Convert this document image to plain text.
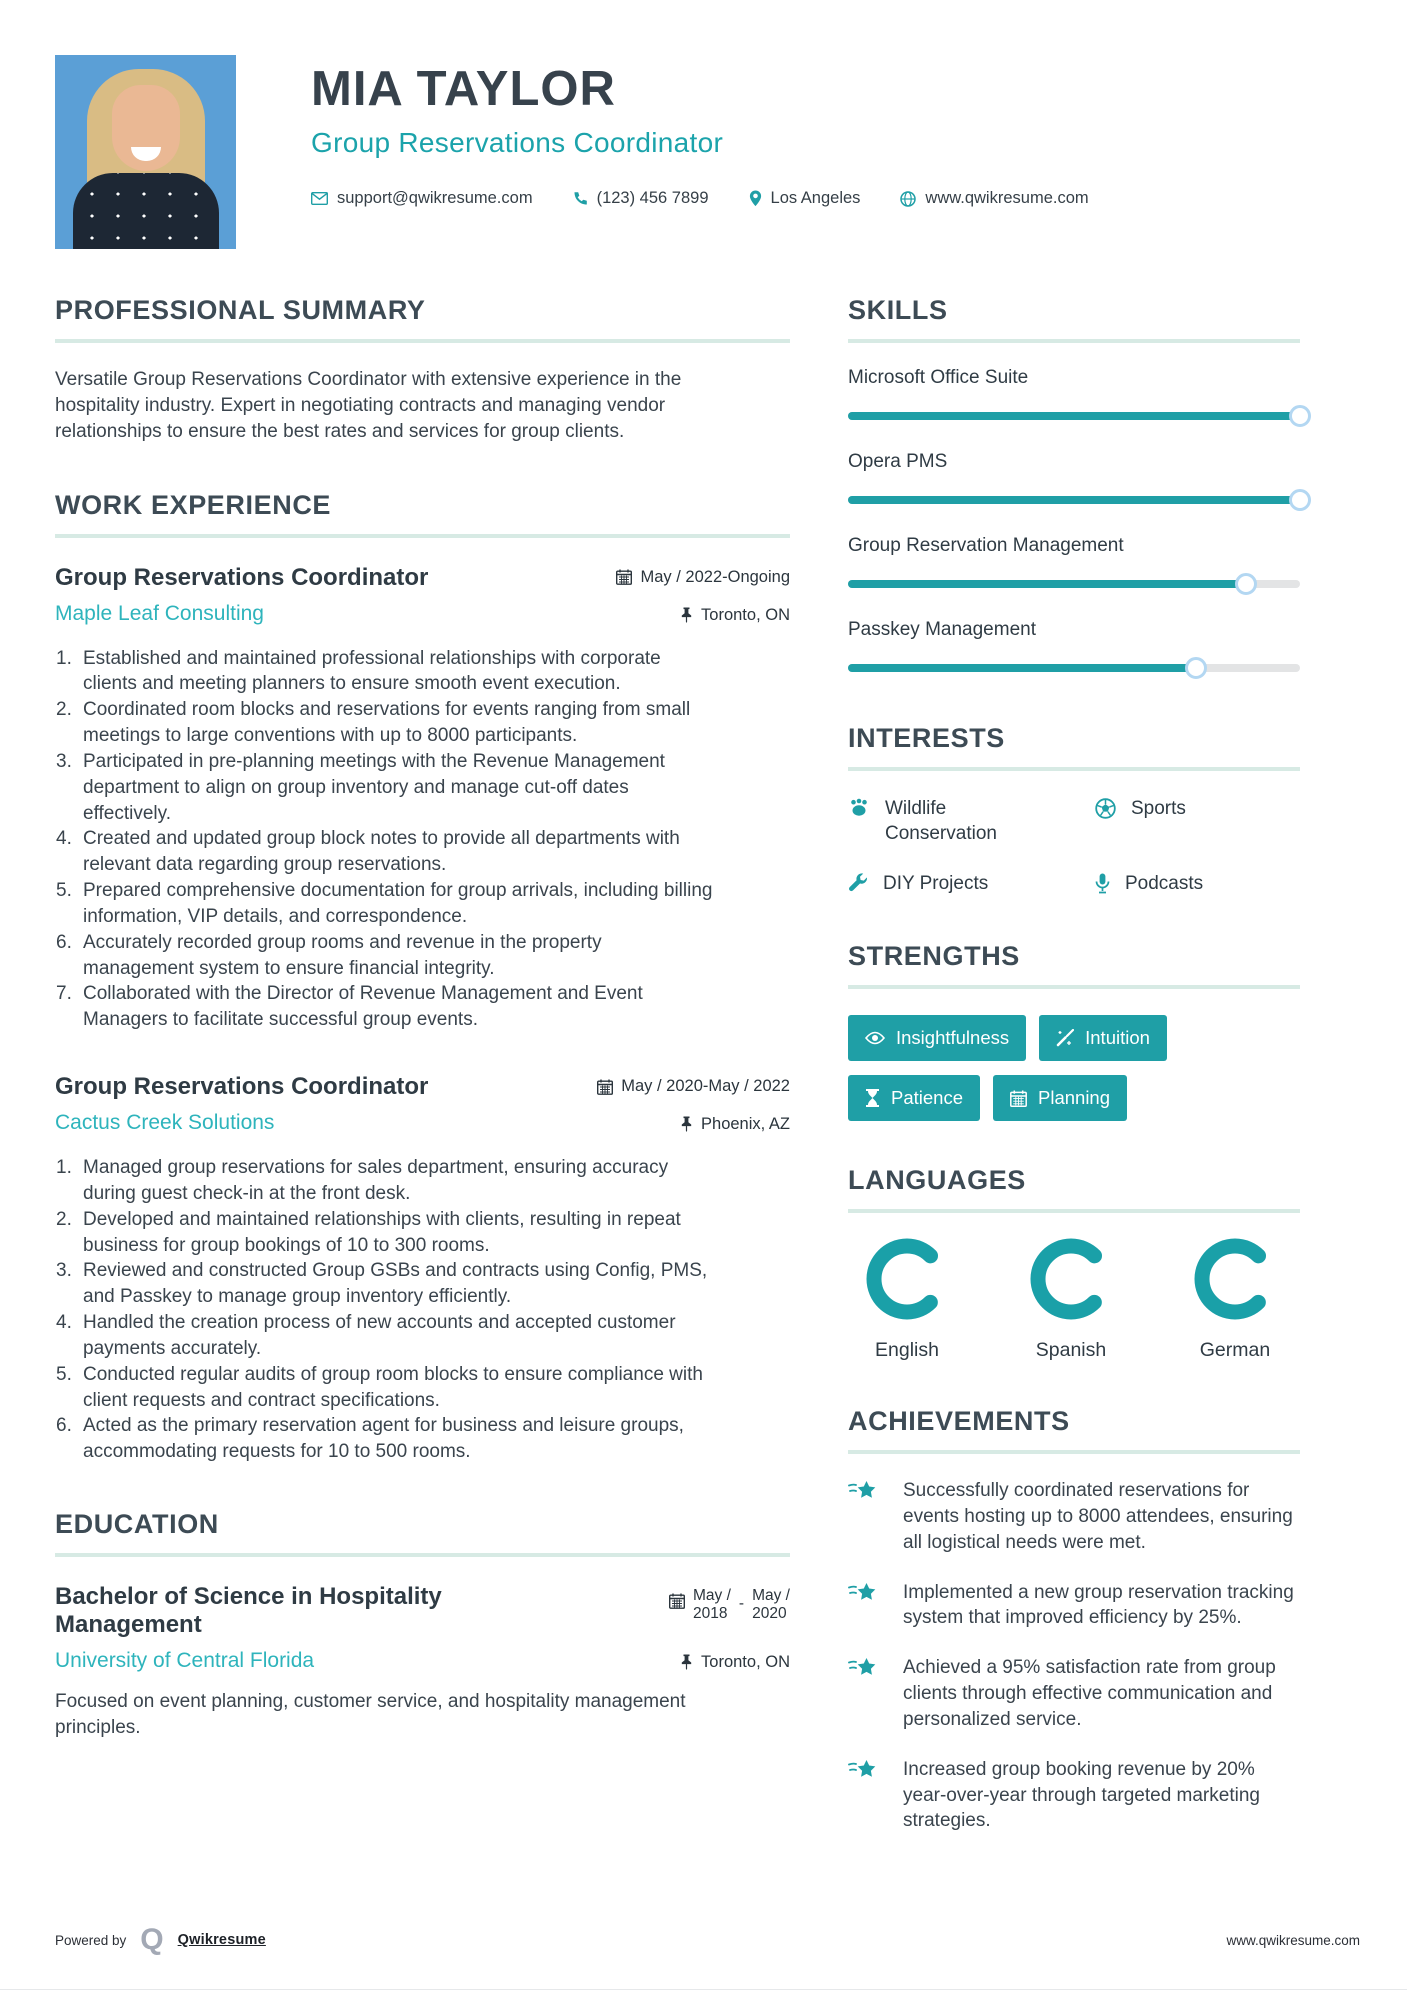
MIA TAYLOR
Group Reservations Coordinator
support@qwikresume.com	(123) 456 7899	Los Angeles	www.qwikresume.com
PROFESSIONAL SUMMARY
Versatile Group Reservations Coordinator with extensive experience in the hospitality industry. Expert in negotiating contracts and managing vendor relationships to ensure the best rates and services for group clients.
WORK EXPERIENCE
Group Reservations Coordinator	May / 2022-Ongoing
Maple Leaf Consulting	Toronto, ON
Established and maintained professional relationships with corporate clients and meeting planners to ensure smooth event execution.
Coordinated room blocks and reservations for events ranging from small meetings to large conventions with up to 8000 participants.
Participated in pre-planning meetings with the Revenue Management department to align on group inventory and manage cut-off dates effectively.
Created and updated group block notes to provide all departments with relevant data regarding group reservations.
Prepared comprehensive documentation for group arrivals, including billing information, VIP details, and correspondence.
Accurately recorded group rooms and revenue in the property management system to ensure financial integrity.
Collaborated with the Director of Revenue Management and Event Managers to facilitate successful group events.
Group Reservations Coordinator	May / 2020-May / 2022
Cactus Creek Solutions	Phoenix, AZ
Managed group reservations for sales department, ensuring accuracy during guest check-in at the front desk.
Developed and maintained relationships with clients, resulting in repeat business for group bookings of 10 to 300 rooms.
Reviewed and constructed Group GSBs and contracts using Config, PMS, and Passkey to manage group inventory efficiently.
Handled the creation process of new accounts and accepted customer payments accurately.
Conducted regular audits of group room blocks to ensure compliance with client requests and contract specifications.
Acted as the primary reservation agent for business and leisure groups, accommodating requests for 10 to 500 rooms.
EDUCATION
Bachelor of Science in Hospitality Management
May /
2018
- May /
2020
University of Central Florida	Toronto, ON
Focused on event planning, customer service, and hospitality management principles.
SKILLS
Microsoft Office Suite
Opera PMS
Group Reservation Management
Passkey Management
INTERESTS
Wildlife Conservation
Sports
DIY Projects	Podcasts
STRENGTHS
Insightfulness	Intuition
Patience	Planning
LANGUAGES
English	Spanish	German
ACHIEVEMENTS
Successfully coordinated reservations for events hosting up to 8000 attendees, ensuring all logistical needs were met.
Implemented a new group reservation tracking system that improved efficiency by 25%.
Achieved a 95% satisfaction rate from group clients through effective communication and personalized service.
Increased group booking revenue by 20% year-over-year through targeted marketing strategies.
Powered by Q Qwikresume	www.qwikresume.com
